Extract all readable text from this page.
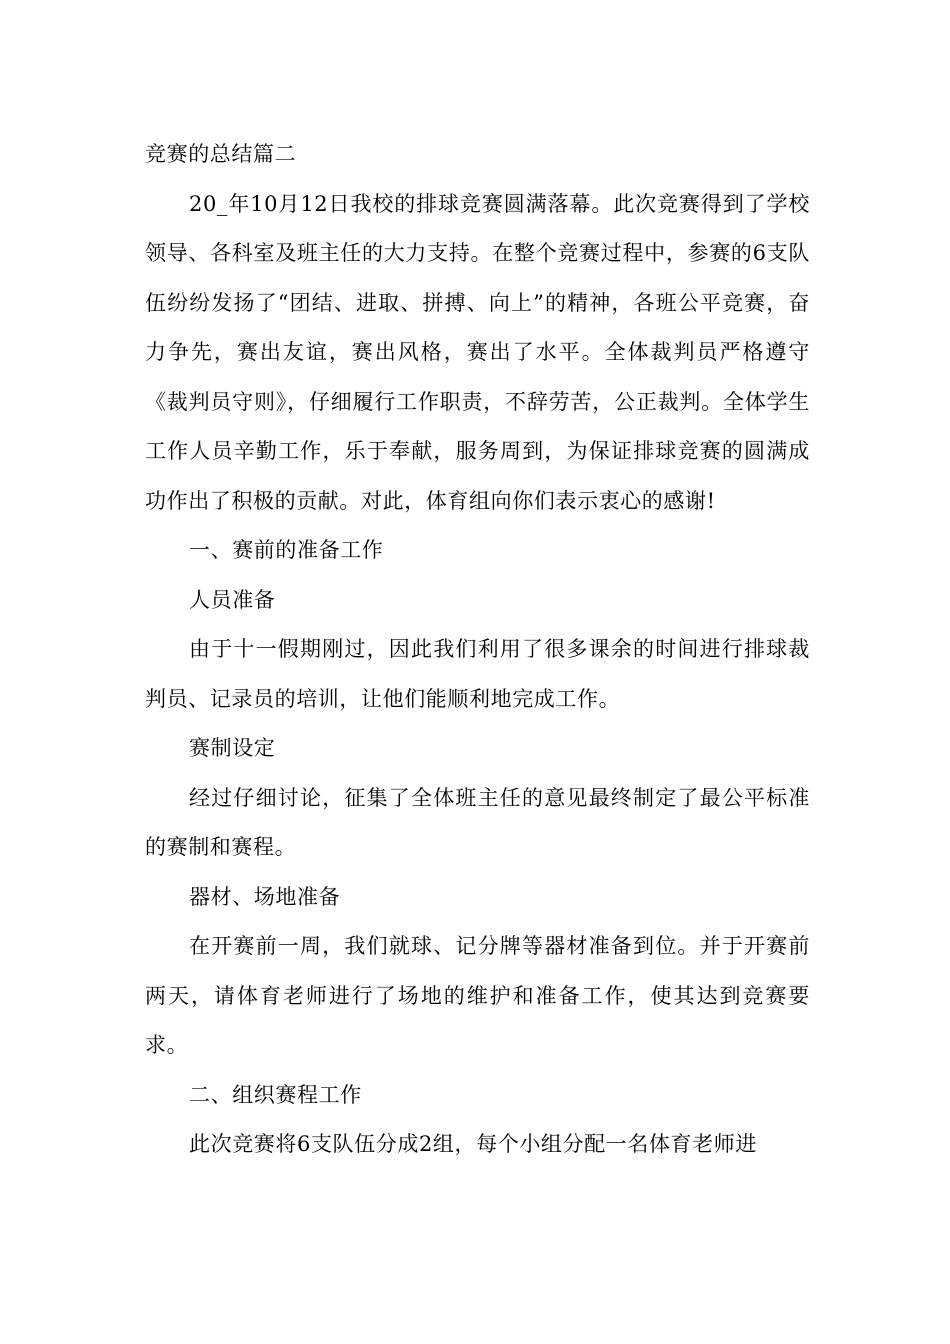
竞赛的总结篇二

20_年10月12日我校的排球竞赛圆满落幕。此次竞赛得到了学校领导、各科室及班主任的大力支持。在整个竞赛过程中，参赛的6支队伍纷纷发扬了“团结、进取、拼搏、向上”的精神，各班公平竞赛，奋力争先，赛出友谊，赛出风格，赛出了水平。全体裁判员严格遵守《裁判员守则》，仔细履行工作职责，不辞劳苦，公正裁判。全体学生工作人员辛勤工作，乐于奉献，服务周到，为保证排球竞赛的圆满成功作出了积极的贡献。对此，体育组向你们表示衷心的感谢!

一、赛前的准备工作

人员准备

由于十一假期刚过，因此我们利用了很多课余的时间进行排球裁判员、记录员的培训，让他们能顺利地完成工作。

赛制设定

经过仔细讨论，征集了全体班主任的意见最终制定了最公平标准的赛制和赛程。

器材、场地准备

在开赛前一周，我们就球、记分牌等器材准备到位。并于开赛前两天，请体育老师进行了场地的维护和准备工作，使其达到竞赛要求。

二、组织赛程工作

此次竞赛将6支队伍分成2组，每个小组分配一名体育老师进
